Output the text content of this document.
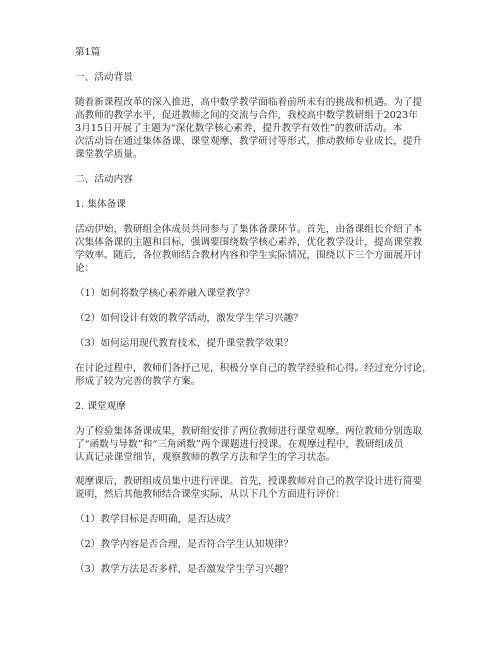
第1篇
一、活动背景
随着新课程改革的深入推进，高中数学教学面临着前所未有的挑战和机遇。为了提
高教师的教学水平，促进教师之间的交流与合作，我校高中数学教研组于2023年
3月15日开展了主题为“深化数学核心素养，提升教学有效性”的教研活动。本
次活动旨在通过集体备课、课堂观摩、教学研讨等形式，推动教师专业成长，提升
课堂教学质量。
二、活动内容
1. 集体备课
活动伊始，教研组全体成员共同参与了集体备课环节。首先，由备课组长介绍了本
次集体备课的主题和目标，强调要围绕数学核心素养，优化教学设计，提高课堂教
学效率。随后，各位教师结合教材内容和学生实际情况，围绕以下三个方面展开讨
论：
（1）如何将数学核心素养融入课堂教学？
（2）如何设计有效的教学活动，激发学生学习兴趣？
（3）如何运用现代教育技术，提升课堂教学效果？
在讨论过程中，教师们各抒己见，积极分享自己的教学经验和心得。经过充分讨论，
形成了较为完善的教学方案。
2. 课堂观摩
为了检验集体备课成果，教研组安排了两位教师进行课堂观摩。两位教师分别选取
了“函数与导数”和“三角函数”两个课题进行授课。在观摩过程中，教研组成员
认真记录课堂细节，观察教师的教学方法和学生的学习状态。
观摩课后，教研组成员集中进行评课。首先，授课教师对自己的教学设计进行简要
说明，然后其他教师结合课堂实际，从以下几个方面进行评价：
（1）教学目标是否明确，是否达成？
（2）教学内容是否合理，是否符合学生认知规律？
（3）教学方法是否多样，是否激发学生学习兴趣？
